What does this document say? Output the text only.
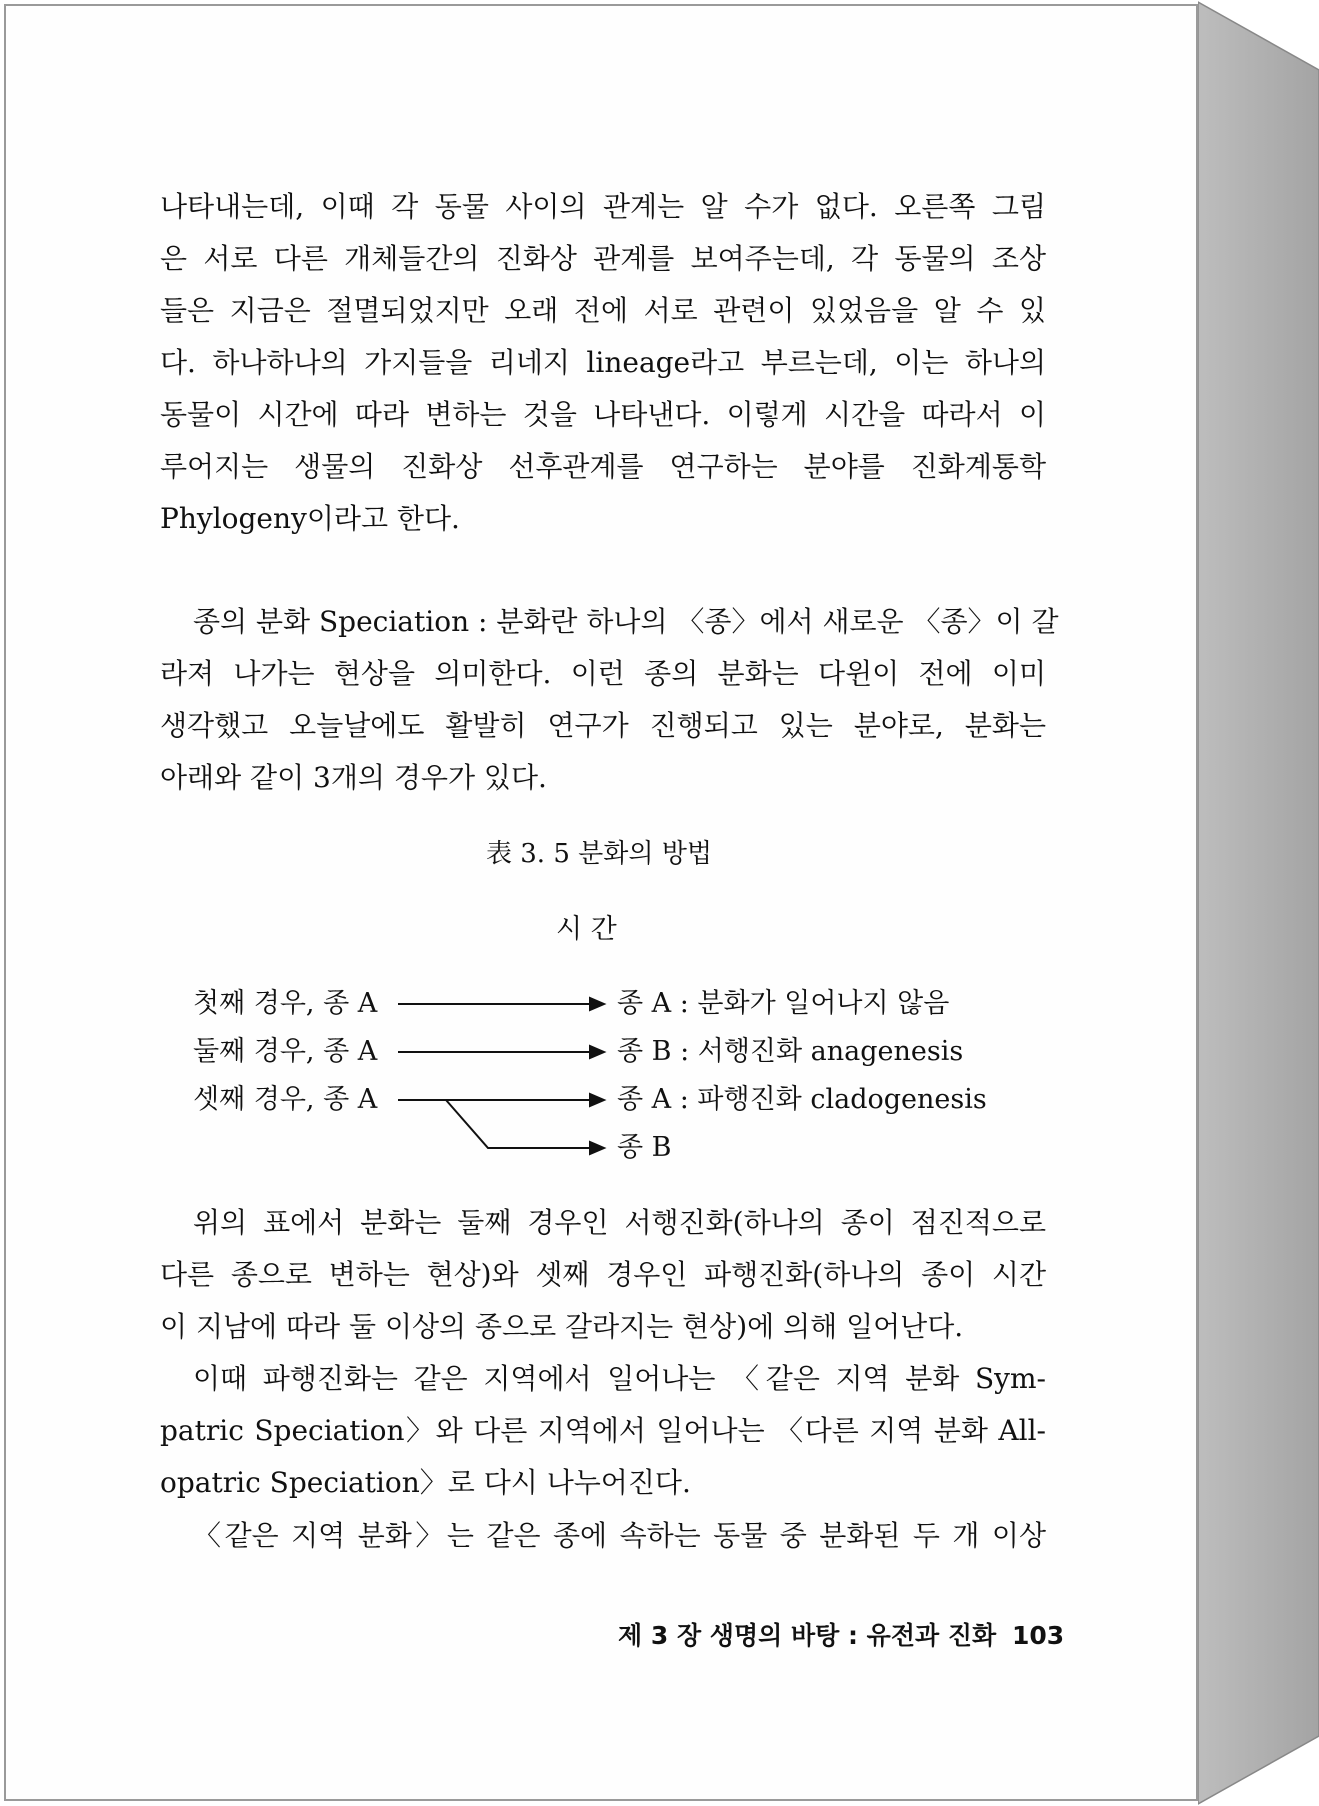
나타내는데, 이때 각 동물 사이의 관계는 알 수가 없다. 오른쪽 그림
은 서로 다른 개체들간의 진화상 관계를 보여주는데, 각 동물의 조상
들은 지금은 절멸되었지만 오래 전에 서로 관련이 있었음을 알 수 있
다. 하나하나의 가지들을 리네지 lineage라고 부르는데, 이는 하나의
동물이 시간에 따라 변하는 것을 나타낸다. 이렇게 시간을 따라서 이
루어지는 생물의 진화상 선후관계를 연구하는 분야를 진화계통학
Phylogeny이라고 한다.
종의 분화 Speciation : 분화란 하나의 〈종〉에서 새로운 〈종〉이 갈
라져 나가는 현상을 의미한다. 이런 종의 분화는 다윈이 전에 이미
생각했고 오늘날에도 활발히 연구가 진행되고 있는 분야로, 분화는
아래와 같이 3개의 경우가 있다.
表 3. 5 분화의 방법
시 간
첫째 경우, 종 A	종 A : 분화가 일어나지 않음
둘째 경우, 종 A	종 B : 서행진화 anagenesis
셋째 경우, 종 A	종 A : 파행진화 cladogenesis
종 B
위의 표에서 분화는 둘째 경우인 서행진화(하나의 종이 점진적으로
다른 종으로 변하는 현상)와 셋째 경우인 파행진화(하나의 종이 시간
이 지남에 따라 둘 이상의 종으로 갈라지는 현상)에 의해 일어난다.
이때 파행진화는 같은 지역에서 일어나는 〈같은 지역 분화 Sym-
patric Speciation〉와 다른 지역에서 일어나는 〈다른 지역 분화 All-
opatric Speciation〉로 다시 나누어진다.
〈같은 지역 분화〉는 같은 종에 속하는 동물 중 분화된 두 개 이상
제 3 장 생명의 바탕 : 유전과 진화 103
